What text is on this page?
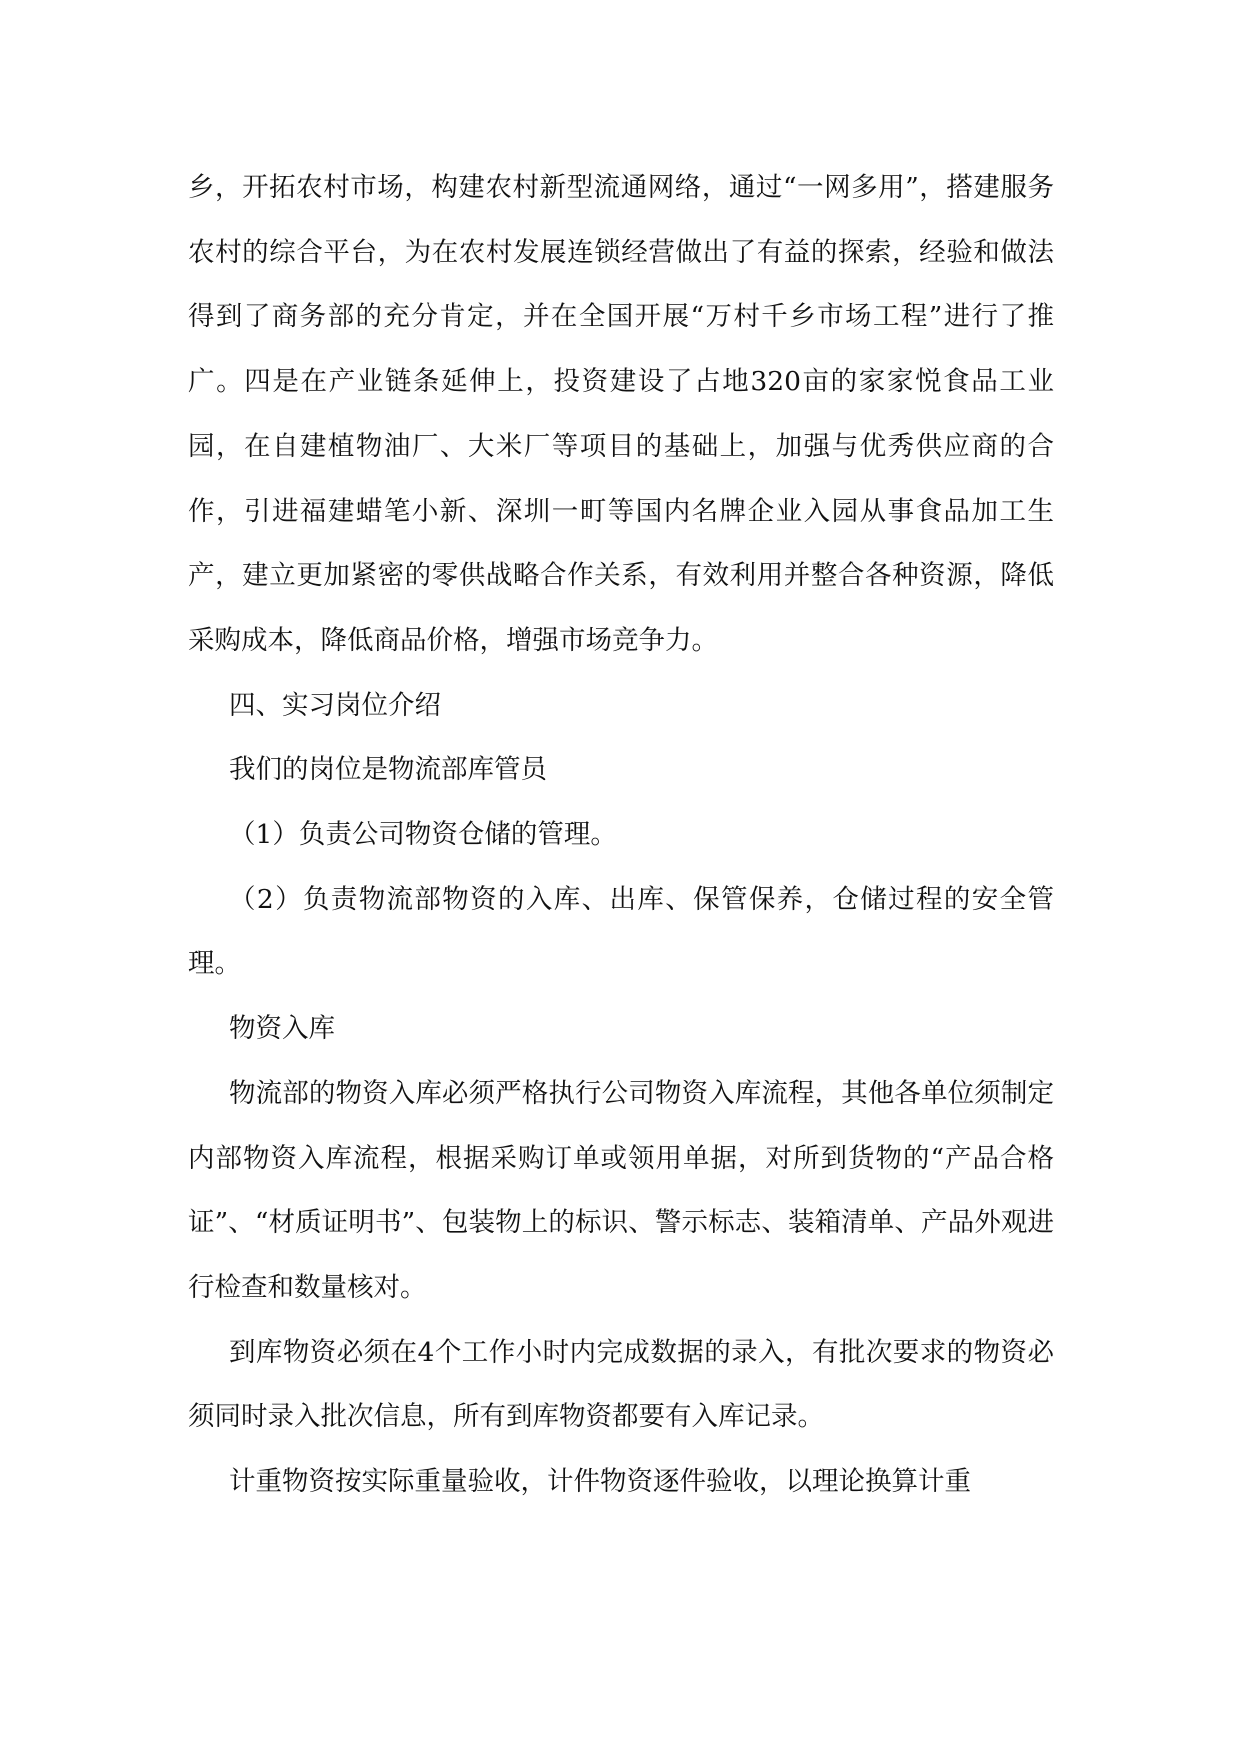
乡，开拓农村市场，构建农村新型流通网络，通过“一网多用”，搭建服务农村的综合平台，为在农村发展连锁经营做出了有益的探索，经验和做法得到了商务部的充分肯定，并在全国开展“万村千乡市场工程”进行了推广。四是在产业链条延伸上，投资建设了占地320亩的家家悦食品工业园，在自建植物油厂、大米厂等项目的基础上，加强与优秀供应商的合作，引进福建蜡笔小新、深圳一町等国内名牌企业入园从事食品加工生产，建立更加紧密的零供战略合作关系，有效利用并整合各种资源，降低采购成本，降低商品价格，增强市场竞争力。

四、实习岗位介绍

我们的岗位是物流部库管员

（1）负责公司物资仓储的管理。

（2）负责物流部物资的入库、出库、保管保养，仓储过程的安全管理。

物资入库

物流部的物资入库必须严格执行公司物资入库流程，其他各单位须制定内部物资入库流程，根据采购订单或领用单据，对所到货物的“产品合格证”、“材质证明书”、包装物上的标识、警示标志、装箱清单、产品外观进行检查和数量核对。

到库物资必须在4个工作小时内完成数据的录入，有批次要求的物资必须同时录入批次信息，所有到库物资都要有入库记录。

计重物资按实际重量验收，计件物资逐件验收，以理论换算计重
